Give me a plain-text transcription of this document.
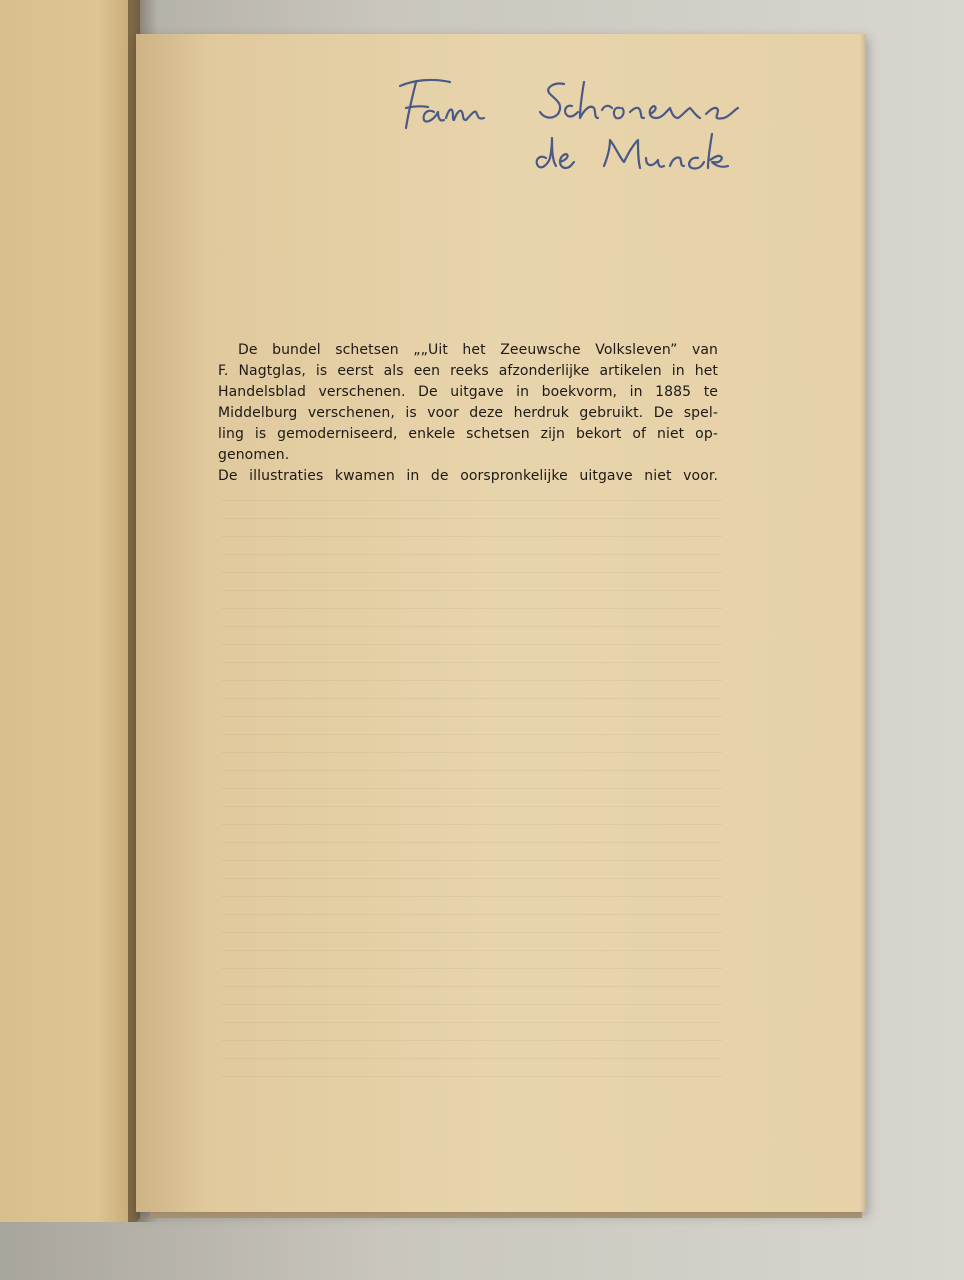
De bundel schetsen „„Uit het Zeeuwsche Volksleven” van
F. Nagtglas, is eerst als een reeks afzonderlijke artikelen in het
Handelsblad verschenen. De uitgave in boekvorm, in 1885 te
Middelburg verschenen, is voor deze herdruk gebruikt. De spel-
ling is gemoderniseerd, enkele schetsen zijn bekort of niet op-
genomen.
De illustraties kwamen in de oorspronkelijke uitgave niet voor.
